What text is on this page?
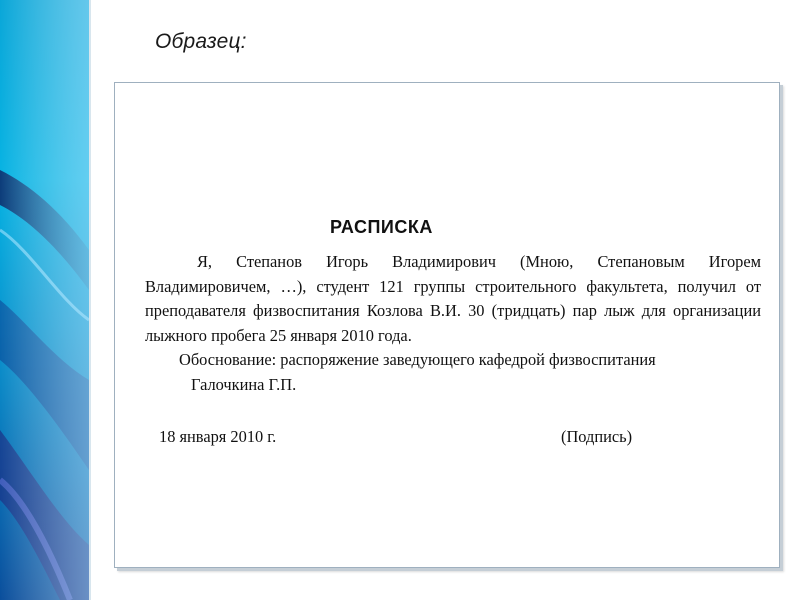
Образец:
РАСПИСКА

Я, Степанов Игорь Владимирович (Мною, Степановым Игорем Владимировичем, …), студент 121 группы строительного факультета, получил от преподавателя физвоспитания Козлова В.И. 30 (тридцать) пар лыж для организации лыжного пробега 25 января 2010 года.

Обоснование: распоряжение заведующего кафедрой физвоспитания
Галочкина Г.П.

18 января 2010 г.	(Подпись)
